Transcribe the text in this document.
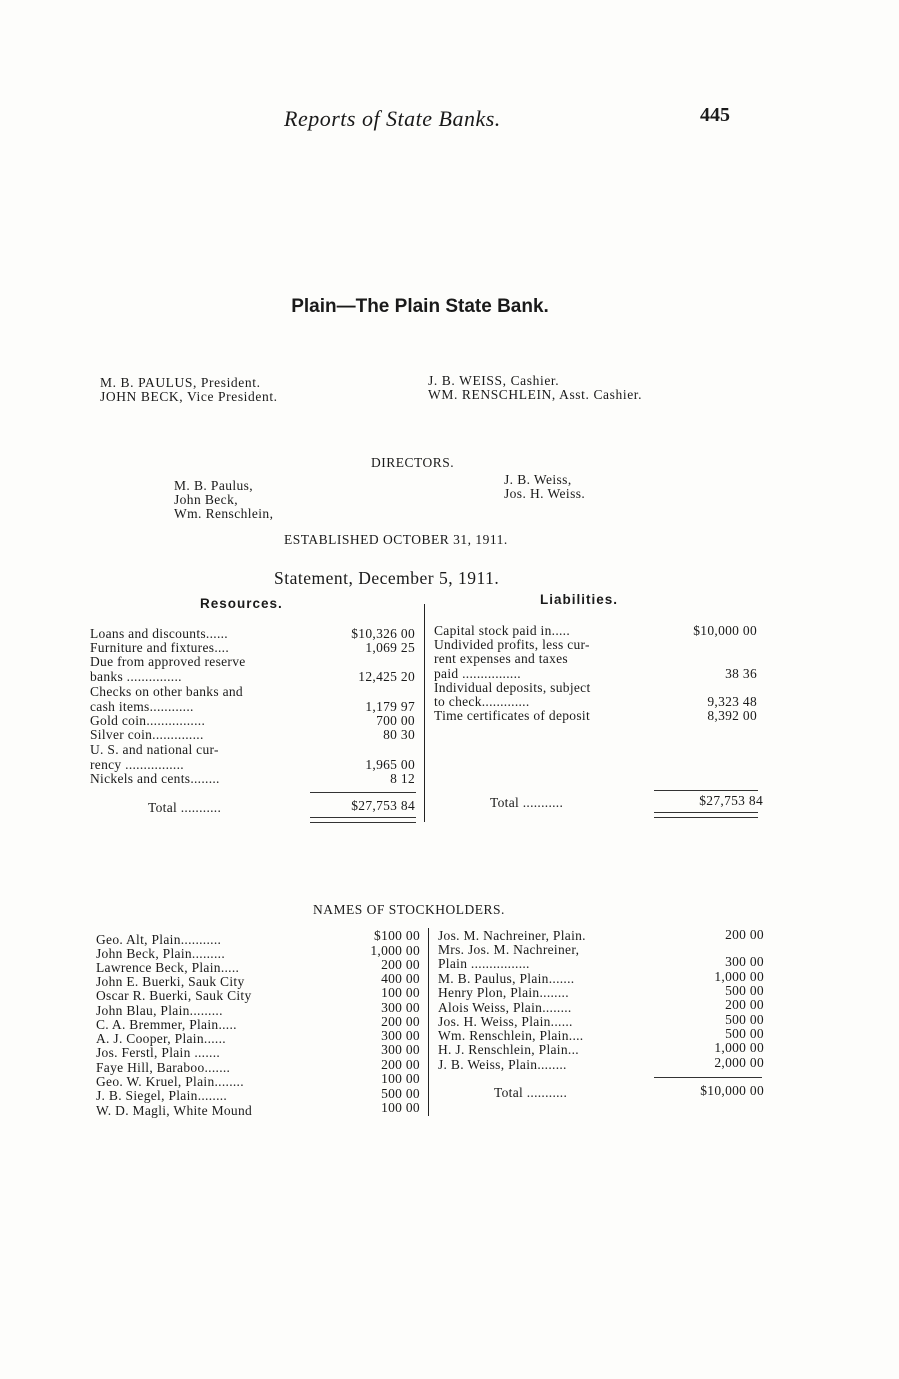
Reports of State Banks.	445
Plain—The Plain State Bank.
M. B. PAULUS, President.
JOHN BECK, Vice President.
J. B. WEISS, Cashier.
WM. RENSCHLEIN, Asst. Cashier.
DIRECTORS.
M. B. Paulus,
John Beck,
Wm. Renschlein,
J. B. Weiss,
Jos. H. Weiss.
ESTABLISHED OCTOBER 31, 1911.
Statement, December 5, 1911.
Resources.	Liabilities.
Loans and discounts......	$10,326 00
Furniture and fixtures....	1,069 25
Due from approved reserve
banks ...............	12,425 20
Checks on other banks and
cash items............	1,179 97
Gold coin................	700 00
Silver coin..............	80 30
U. S. and national cur-
rency ................	1,965 00
Nickels and cents........	8 12
Total ...........	$27,753 84
Capital stock paid in.....	$10,000 00
Undivided profits, less cur-
rent expenses and taxes
paid ................	38 36
Individual deposits, subject
to check.............	9,323 48
Time certificates of deposit	8,392 00
Total ...........	$27,753 84
NAMES OF STOCKHOLDERS.
Geo. Alt, Plain...........	$100 00
John Beck, Plain.........	1,000 00
Lawrence Beck, Plain.....	200 00
John E. Buerki, Sauk City	400 00
Oscar R. Buerki, Sauk City	100 00
John Blau, Plain.........	300 00
C. A. Bremmer, Plain.....	200 00
A. J. Cooper, Plain......	300 00
Jos. Ferstl, Plain .......	300 00
Faye Hill, Baraboo.......	200 00
Geo. W. Kruel, Plain........	100 00
J. B. Siegel, Plain........	500 00
W. D. Magli, White Mound	100 00
Jos. M. Nachreiner, Plain.	200 00
Mrs. Jos. M. Nachreiner,
Plain ................	300 00
M. B. Paulus, Plain.......	1,000 00
Henry Plon, Plain........	500 00
Alois Weiss, Plain........	200 00
Jos. H. Weiss, Plain......	500 00
Wm. Renschlein, Plain....	500 00
H. J. Renschlein, Plain...	1,000 00
J. B. Weiss, Plain........	2,000 00
Total ...........	$10,000 00
